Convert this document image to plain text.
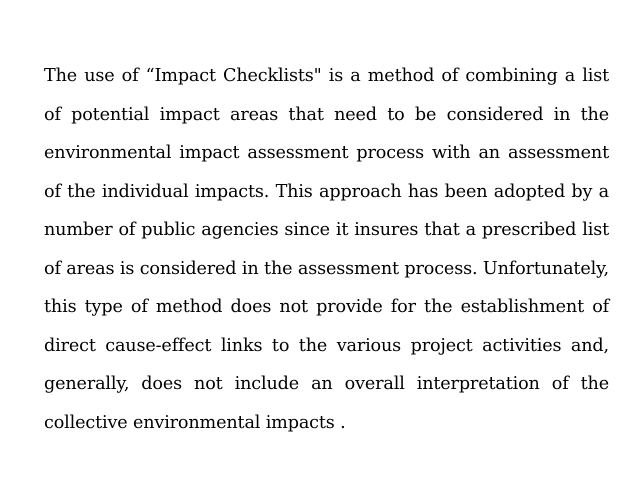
The use of “Impact Checklists" is a method of combining a list of potential impact areas that need to be considered in the environmental impact assessment process with an assessment of the individual impacts. This approach has been adopted by a number of public agencies since it insures that a prescribed list of areas is considered in the assessment process. Unfortunately, this type of method does not provide for the establishment of direct cause-effect links to the various project activities and, generally, does not include an overall interpretation of the collective environmental impacts .
